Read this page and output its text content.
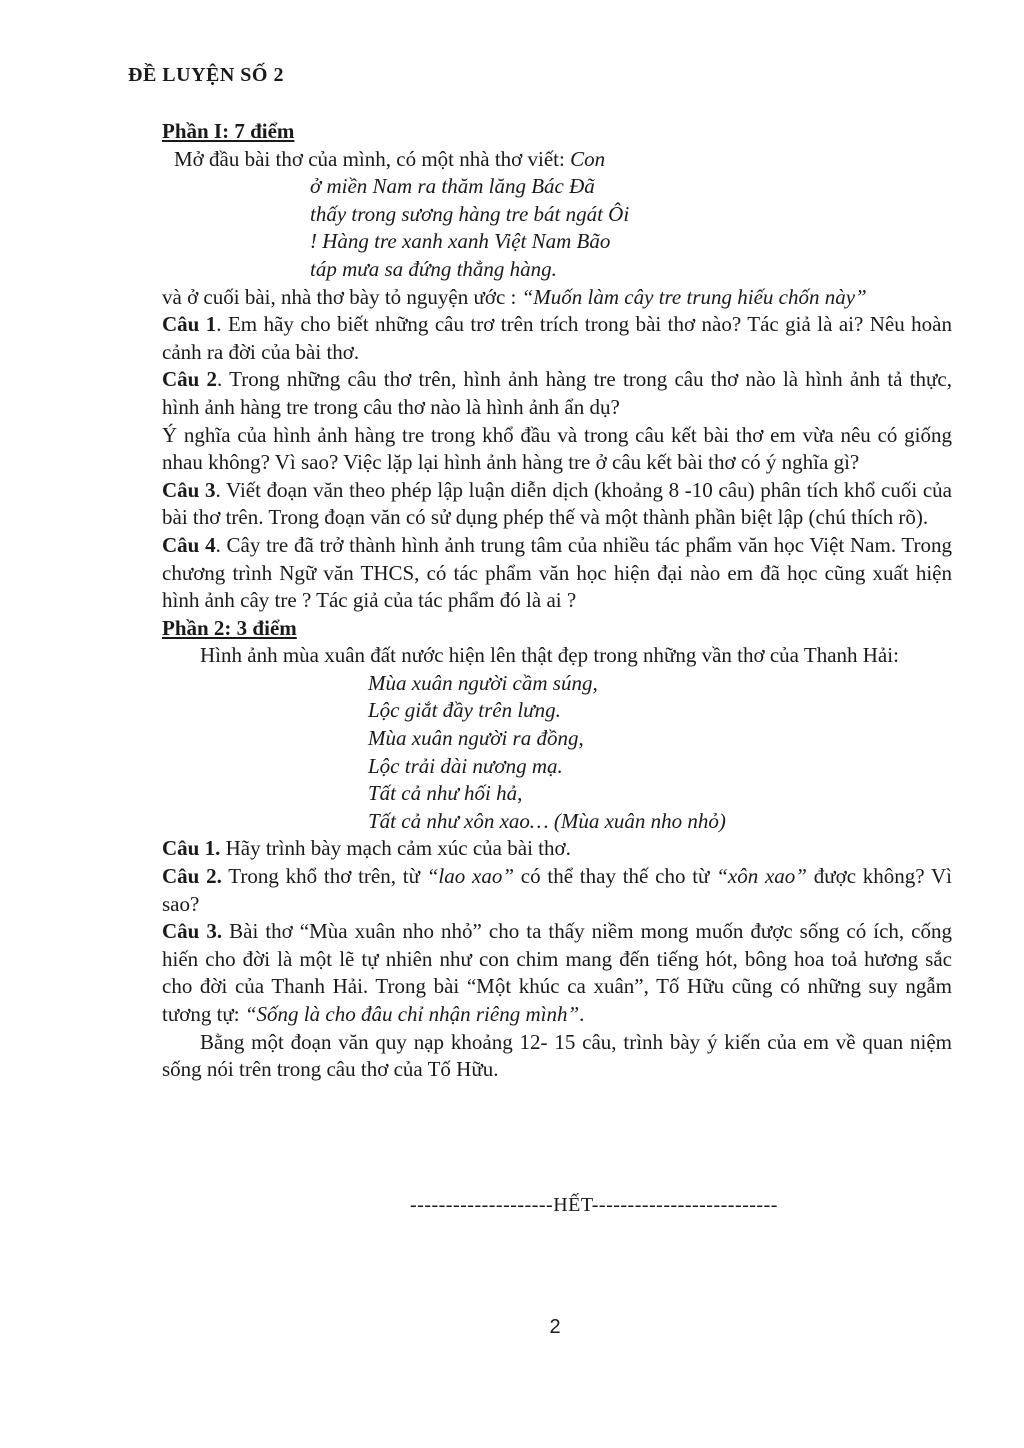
ĐỀ LUYỆN SỐ 2

Phần I: 7 điểm

Mở đầu bài thơ của mình, có một nhà thơ viết: Con

ở miền Nam ra thăm lăng Bác Đã

thấy trong sương hàng tre bát ngát Ôi

! Hàng tre xanh xanh Việt Nam Bão

táp mưa sa đứng thẳng hàng.

và ở cuối bài, nhà thơ bày tỏ nguyện ước : “Muốn làm cây tre trung hiếu chốn này”

Câu 1. Em hãy cho biết những câu trơ trên trích trong bài thơ nào? Tác giả là ai? Nêu hoàn cảnh ra đời của bài thơ.

Câu 2. Trong những câu thơ trên, hình ảnh hàng tre trong câu thơ nào là hình ảnh tả thực, hình ảnh hàng tre trong câu thơ nào là hình ảnh ẩn dụ?

Ý nghĩa của hình ảnh hàng tre trong khổ đầu và trong câu kết bài thơ em vừa nêu có giống nhau không? Vì sao? Việc lặp lại hình ảnh hàng tre ở câu kết bài thơ có ý nghĩa gì?

Câu 3. Viết đoạn văn theo phép lập luận diễn dịch (khoảng 8 -10 câu) phân tích khổ cuối của bài thơ trên. Trong đoạn văn có sử dụng phép thế và một thành phần biệt lập (chú thích rõ).

Câu 4. Cây tre đã trở thành hình ảnh trung tâm của nhiều tác phẩm văn học Việt Nam. Trong chương trình Ngữ văn THCS, có tác phẩm văn học hiện đại nào em đã học cũng xuất hiện hình ảnh cây tre ? Tác giả của tác phẩm đó là ai ?

Phần 2: 3 điểm

Hình ảnh mùa xuân đất nước hiện lên thật đẹp trong những vần thơ của Thanh Hải:

Mùa xuân người cầm súng,

Lộc giắt đầy trên lưng.

Mùa xuân người ra đồng,

Lộc trải dài nương mạ.

Tất cả như hối hả,

Tất cả như xôn xao… (Mùa xuân nho nhỏ)

Câu 1. Hãy trình bày mạch cảm xúc của bài thơ.

Câu 2. Trong khổ thơ trên, từ “lao xao” có thể thay thế cho từ “xôn xao” được không? Vì sao?

Câu 3. Bài thơ “Mùa xuân nho nhỏ” cho ta thấy niềm mong muốn được sống có ích, cống hiến cho đời là một lẽ tự nhiên như con chim mang đến tiếng hót, bông hoa toả hương sắc cho đời của Thanh Hải. Trong bài “Một khúc ca xuân”, Tố Hữu cũng có những suy ngẫm tương tự: “Sống là cho đâu chỉ nhận riêng mình”.

Bằng một đoạn văn quy nạp khoảng 12- 15 câu, trình bày ý kiến của em về quan niệm sống nói trên trong câu thơ của Tố Hữu.

--------------------HẾT--------------------------
2
